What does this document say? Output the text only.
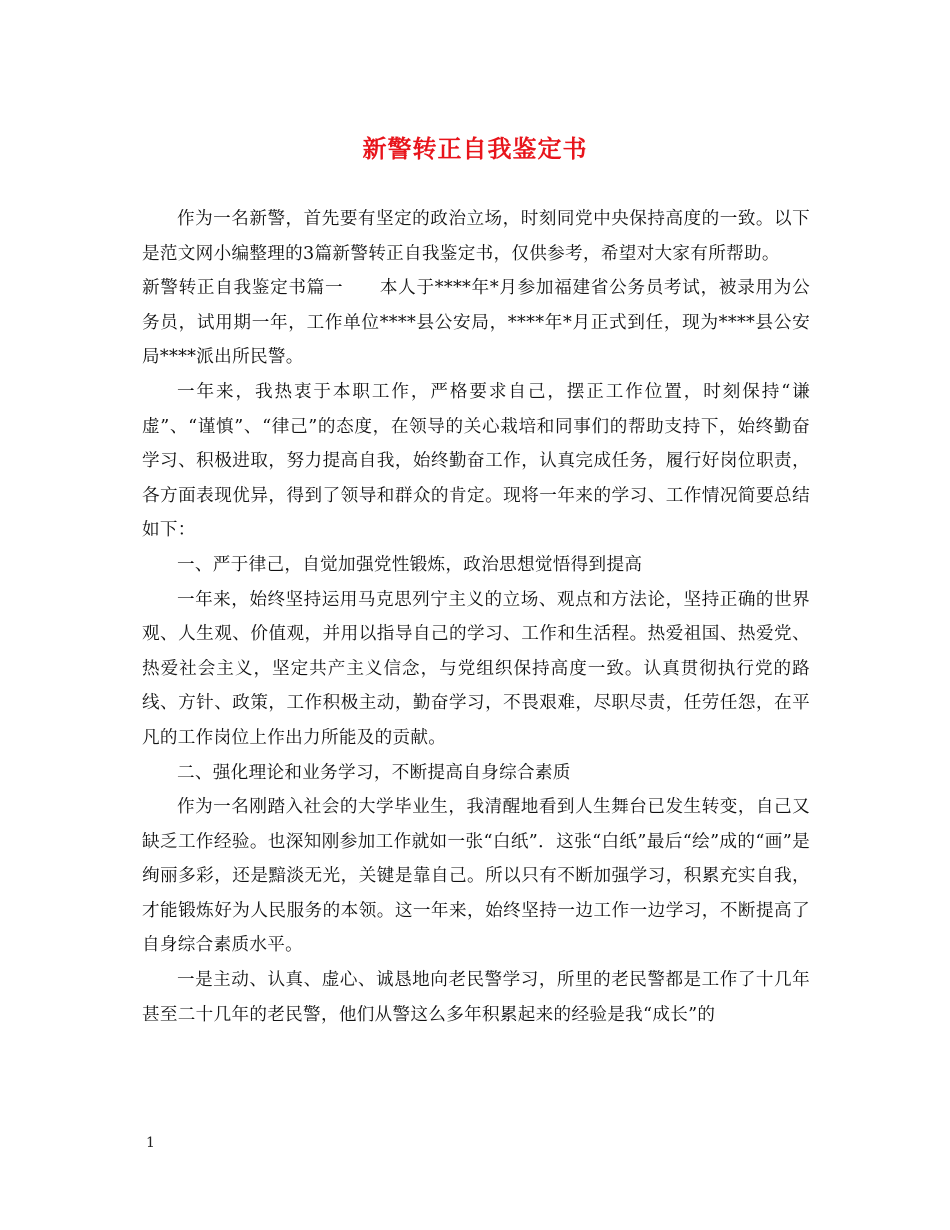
新警转正自我鉴定书

作为一名新警，首先要有坚定的政治立场，时刻同党中央保持高度的一致。以下是范文网小编整理的3篇新警转正自我鉴定书，仅供参考，希望对大家有所帮助。

新警转正自我鉴定书篇一　　本人于****年*月参加福建省公务员考试，被录用为公务员，试用期一年，工作单位****县公安局，****年*月正式到任，现为****县公安局****派出所民警。

一年来，我热衷于本职工作，严格要求自己，摆正工作位置，时刻保持“谦虚”、“谨慎”、“律己”的态度，在领导的关心栽培和同事们的帮助支持下，始终勤奋学习、积极进取，努力提高自我，始终勤奋工作，认真完成任务，履行好岗位职责，各方面表现优异，得到了领导和群众的肯定。现将一年来的学习、工作情况简要总结如下：

一、严于律己，自觉加强党性锻炼，政治思想觉悟得到提高

一年来，始终坚持运用马克思列宁主义的立场、观点和方法论，坚持正确的世界观、人生观、价值观，并用以指导自己的学习、工作和生活程。热爱祖国、热爱党、热爱社会主义，坚定共产主义信念，与党组织保持高度一致。认真贯彻执行党的路线、方针、政策，工作积极主动，勤奋学习，不畏艰难，尽职尽责，任劳任怨，在平凡的工作岗位上作出力所能及的贡献。

二、强化理论和业务学习，不断提高自身综合素质

作为一名刚踏入社会的大学毕业生，我清醒地看到人生舞台已发生转变，自己又缺乏工作经验。也深知刚参加工作就如一张“白纸”．这张“白纸”最后“绘”成的“画”是绚丽多彩，还是黯淡无光，关键是靠自己。所以只有不断加强学习，积累充实自我，才能锻炼好为人民服务的本领。这一年来，始终坚持一边工作一边学习，不断提高了自身综合素质水平。

一是主动、认真、虚心、诚恳地向老民警学习，所里的老民警都是工作了十几年甚至二十几年的老民警，他们从警这么多年积累起来的经验是我“成长”的

1
